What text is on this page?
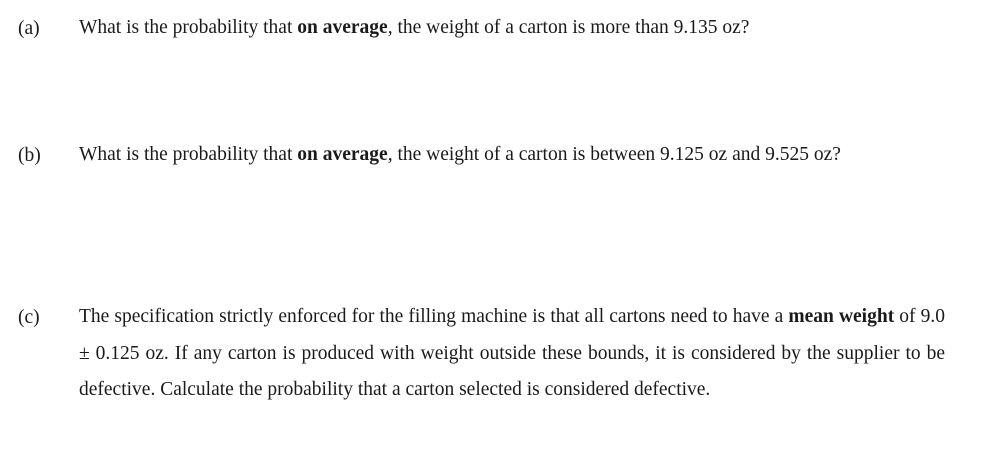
(a) What is the probability that on average, the weight of a carton is more than 9.135 oz?
(b) What is the probability that on average, the weight of a carton is between 9.125 oz and 9.525 oz?
(c) The specification strictly enforced for the filling machine is that all cartons need to have a mean weight of 9.0 ± 0.125 oz. If any carton is produced with weight outside these bounds, it is considered by the supplier to be defective. Calculate the probability that a carton selected is considered defective.
